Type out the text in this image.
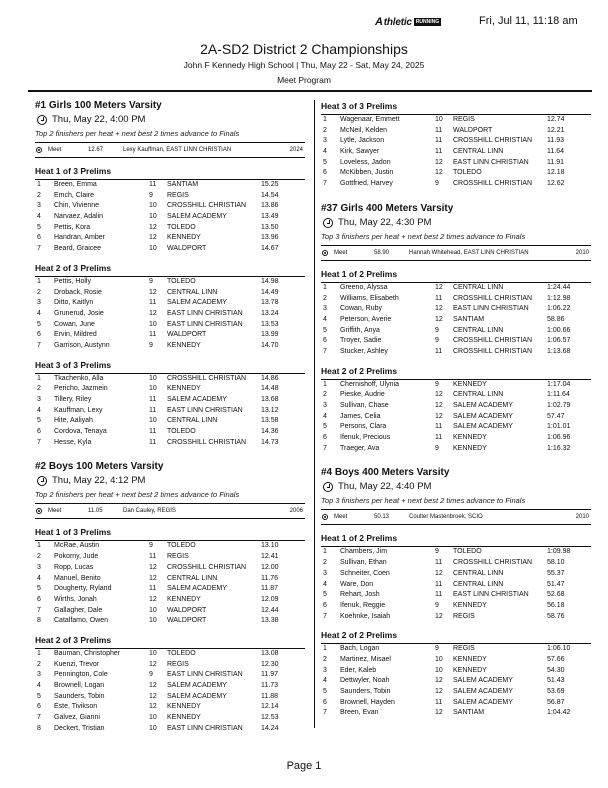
A thletic RUNNING	Fri, Jul 11, 11:18 am
2A-SD2 District 2 Championships
John F Kennedy High School | Thu, May 22 - Sat, May 24, 2025
Meet Program
#1 Girls 100 Meters Varsity
Thu, May 22, 4:00 PM
Top 2 finishers per heat + next best 2 times advance to Finals
Meet	12.67	Lexy Kauffman, EAST LINN CHRISTIAN	2024
Heat 1 of 3 Prelims
1	Breen, Emma	11	SANTIAM	15.25
2	Emch, Claire	9	REGIS	14.54
3	Chin, Vivienne	10	CROSSHILL CHRISTIAN	13.86
4	Narvaez, Adalin	10	SALEM ACADEMY	13.49
5	Pettis, Kora	12	TOLEDO	13.50
6	Handran, Amber	12	KENNEDY	13.96
7	Beard, Graicee	10	WALDPORT	14.67
Heat 2 of 3 Prelims
1	Pettis, Holly	9	TOLEDO	14.98
2	Droback, Rosie	12	CENTRAL LINN	14.49
3	Ditto, Kaitlyn	11	SALEM ACADEMY	13.78
4	Grunerud, Josie	12	EAST LINN CHRISTIAN	13.24
5	Cowan, June	10	EAST LINN CHRISTIAN	13.53
6	Ervin, Mildred	11	WALDPORT	13.99
7	Garrison, Austynn	9	KENNEDY	14.70
Heat 3 of 3 Prelims
1	Tkachenko, Alla	10	CROSSHILL CHRISTIAN	14.86
2	Pericho, Jazmein	10	KENNEDY	14.48
3	Tillery, Riley	11	SALEM ACADEMY	13.68
4	Kauffman, Lexy	11	EAST LINN CHRISTIAN	13.12
5	Hite, Aaliyah	10	CENTRAL LINN	13.58
6	Cordova, Tenaya	11	TOLEDO	14.36
7	Hesse, Kyla	11	CROSSHILL CHRISTIAN	14.73
#2 Boys 100 Meters Varsity
Thu, May 22, 4:12 PM
Top 2 finishers per heat + next best 2 times advance to Finals
Meet	11.05	Dan Cauley, REGIS	2006
Heat 1 of 3 Prelims
1	McRae, Austin	9	TOLEDO	13.10
2	Pokorny, Jude	11	REGIS	12.41
3	Ropp, Lucas	12	CROSSHILL CHRISTIAN	12.00
4	Manuel, Benito	12	CENTRAL LINN	11.76
5	Dougherty, Ryland	11	SALEM ACADEMY	11.87
6	Wirths, Jonah	12	KENNEDY	12.09
7	Gallagher, Dale	10	WALDPORT	12.44
8	Catalfamo, Owen	10	WALDPORT	13.38
Heat 2 of 3 Prelims
1	Bauman, Christopher	10	TOLEDO	13.08
2	Kuenzi, Trevor	12	REGIS	12.30
3	Pennington, Cole	9	EAST LINN CHRISTIAN	11.97
4	Brownell, Logan	12	SALEM ACADEMY	11.73
5	Saunders, Tobin	12	SALEM ACADEMY	11.88
6	Este, Tivikson	12	KENNEDY	12.14
7	Galvez, Gianni	10	KENNEDY	12.53
8	Deckert, Tristian	10	EAST LINN CHRISTIAN	14.24
Heat 3 of 3 Prelims
1	Wagenaar, Emmett	10	REGIS	12.74
2	McNeil, Kelden	11	WALDPORT	12.21
3	Lytle, Jackson	11	CROSSHILL CHRISTIAN	11.93
4	Kirk, Sawyer	11	CENTRAL LINN	11.64
5	Loveless, Jadon	12	EAST LINN CHRISTIAN	11.91
6	McKibben, Justin	12	TOLEDO	12.18
7	Gottfried, Harvey	9	CROSSHILL CHRISTIAN	12.62
#37 Girls 400 Meters Varsity
Thu, May 22, 4:30 PM
Top 3 finishers per heat + next best 2 times advance to Finals
Meet	58.90	Hannah Whitehead, EAST LINN CHRISTIAN	2010
Heat 1 of 2 Prelims
1	Greeno, Alyssa	12	CENTRAL LINN	1:24.44
2	Williams, Elisabeth	11	CROSSHILL CHRISTIAN	1:12.98
3	Cowan, Ruby	12	EAST LINN CHRISTIAN	1:06.22
4	Peterson, Averie	12	SANTIAM	58.86
5	Griffith, Anya	9	CENTRAL LINN	1:00.66
6	Troyer, Sadie	9	CROSSHILL CHRISTIAN	1:06.57
7	Stucker, Ashley	11	CROSSHILL CHRISTIAN	1:13.68
Heat 2 of 2 Prelims
1	Chernishoff, Ulynia	9	KENNEDY	1:17.04
2	Pieske, Audrie	12	CENTRAL LINN	1:11.64
3	Sullivan, Chase	12	SALEM ACADEMY	1:02.79
4	James, Celia	12	SALEM ACADEMY	57.47
5	Persons, Clara	11	SALEM ACADEMY	1:01.01
6	Ifenuk, Precious	11	KENNEDY	1:06.96
7	Traeger, Ava	9	KENNEDY	1:16.32
#4 Boys 400 Meters Varsity
Thu, May 22, 4:40 PM
Top 3 finishers per heat + next best 2 times advance to Finals
Meet	50.13	Coulter Mastenbroek, SCIO	2010
Heat 1 of 2 Prelims
1	Chambers, Jim	9	TOLEDO	1:09.98
2	Sullivan, Ethan	11	CROSSHILL CHRISTIAN	58.10
3	Schneiter, Coen	12	CENTRAL LINN	55.37
4	Ware, Don	11	CENTRAL LINN	51.47
5	Rehart, Josh	11	EAST LINN CHRISTIAN	52.68
6	Ifenuk, Reggie	9	KENNEDY	56.18
7	Koehnke, Isaiah	12	REGIS	58.76
Heat 2 of 2 Prelims
1	Bach, Logan	9	REGIS	1:06.10
2	Martinez, Misael	10	KENNEDY	57.66
3	Eder, Kaleb	10	KENNEDY	54.30
4	Dettwyler, Noah	12	SALEM ACADEMY	51.43
5	Saunders, Tobin	12	SALEM ACADEMY	53.69
6	Brownell, Hayden	11	SALEM ACADEMY	56.87
7	Breen, Evan	12	SANTIAM	1:04.42
Page 1
